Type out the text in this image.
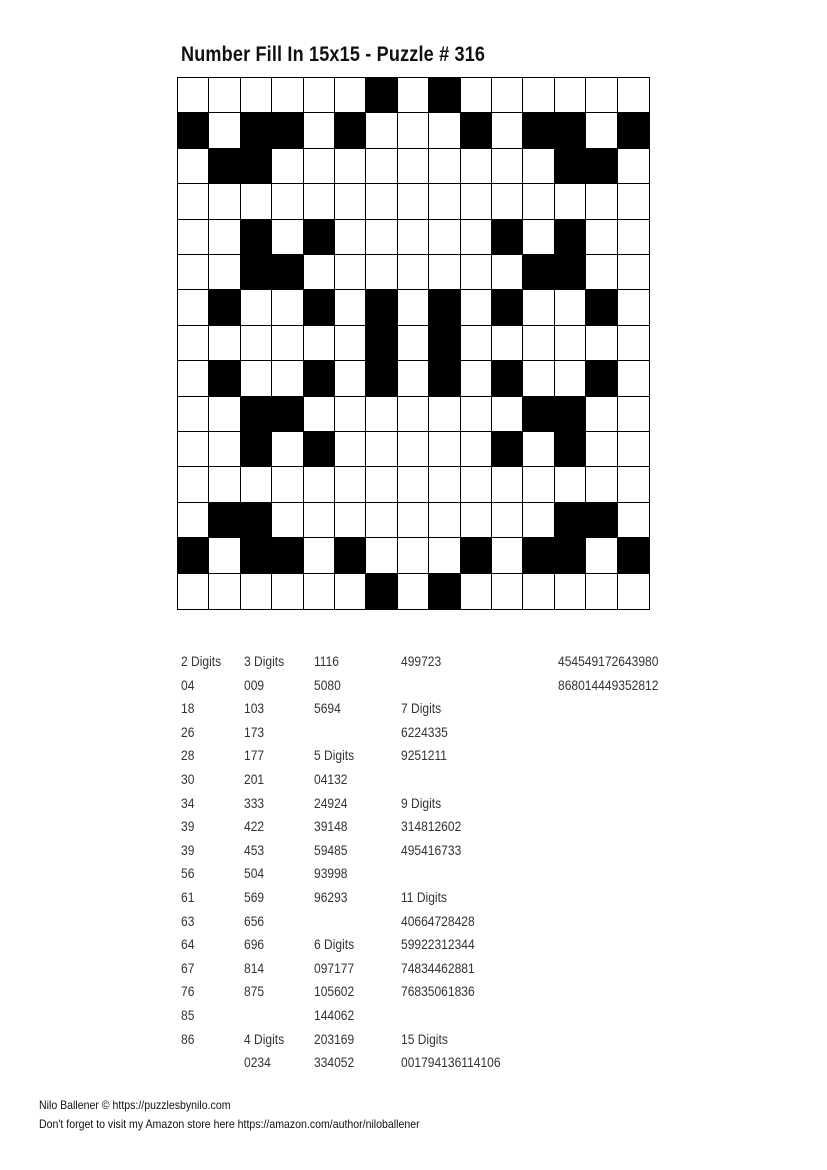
Number Fill In 15x15 - Puzzle # 316
2 Digits
04
18
26
28
30
34
39
39
56
61
63
64
67
76
85
86
3 Digits
009
103
173
177
201
333
422
453
504
569
656
696
814
875
4 Digits
0234
1116
5080
5694
5 Digits
04132
24924
39148
59485
93998
96293
6 Digits
097177
105602
144062
203169
334052
499723
7 Digits
6224335
9251211
9 Digits
314812602
495416733
11 Digits
40664728428
59922312344
74834462881
76835061836
15 Digits
001794136114106
454549172643980
868014449352812
Nilo Ballener © https://puzzlesbynilo.com
Don't forget to visit my Amazon store here https://amazon.com/author/niloballener
